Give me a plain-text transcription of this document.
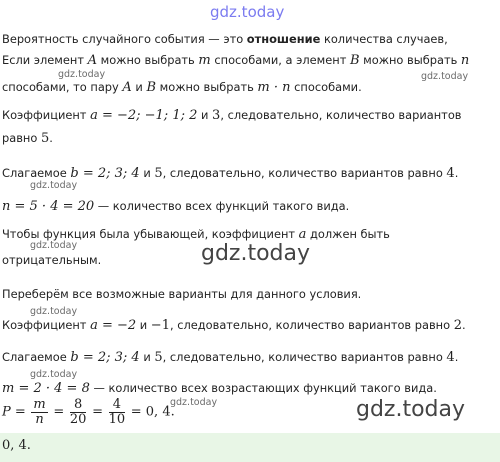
gdz.today
Вероятность случайного события — это отношение количества случаев,
Если элемент A можно выбрать m способами, а элемент B можно выбрать n
gdz.today	gdz.today
способами, то пару A и B можно выбрать m · n способами.
Коэффициент a = −2; −1; 1; 2 и 3, следовательно, количество вариантов
равно 5.
Слагаемое b = 2; 3; 4 и 5, следовательно, количество вариантов равно 4.
gdz.today
n = 5 · 4 = 20 — количество всех функций такого вида.
Чтобы функция была убывающей, коэффициент a должен быть
gdz.today	gdz.today
отрицательным.
Переберём все возможные варианты для данного условия.
gdz.today
Коэффициент a = −2 и −1, следовательно, количество вариантов равно 2.
Слагаемое b = 2; 3; 4 и 5, следовательно, количество вариантов равно 4.
gdz.today
m = 2 · 4 = 8 — количество всех возрастающих функций такого вида.
gdz.today	gdz.today
$P = \frac{m}{n} = \frac{8}{20} = \frac{4}{10} = 0$, 4.
0, 4.
